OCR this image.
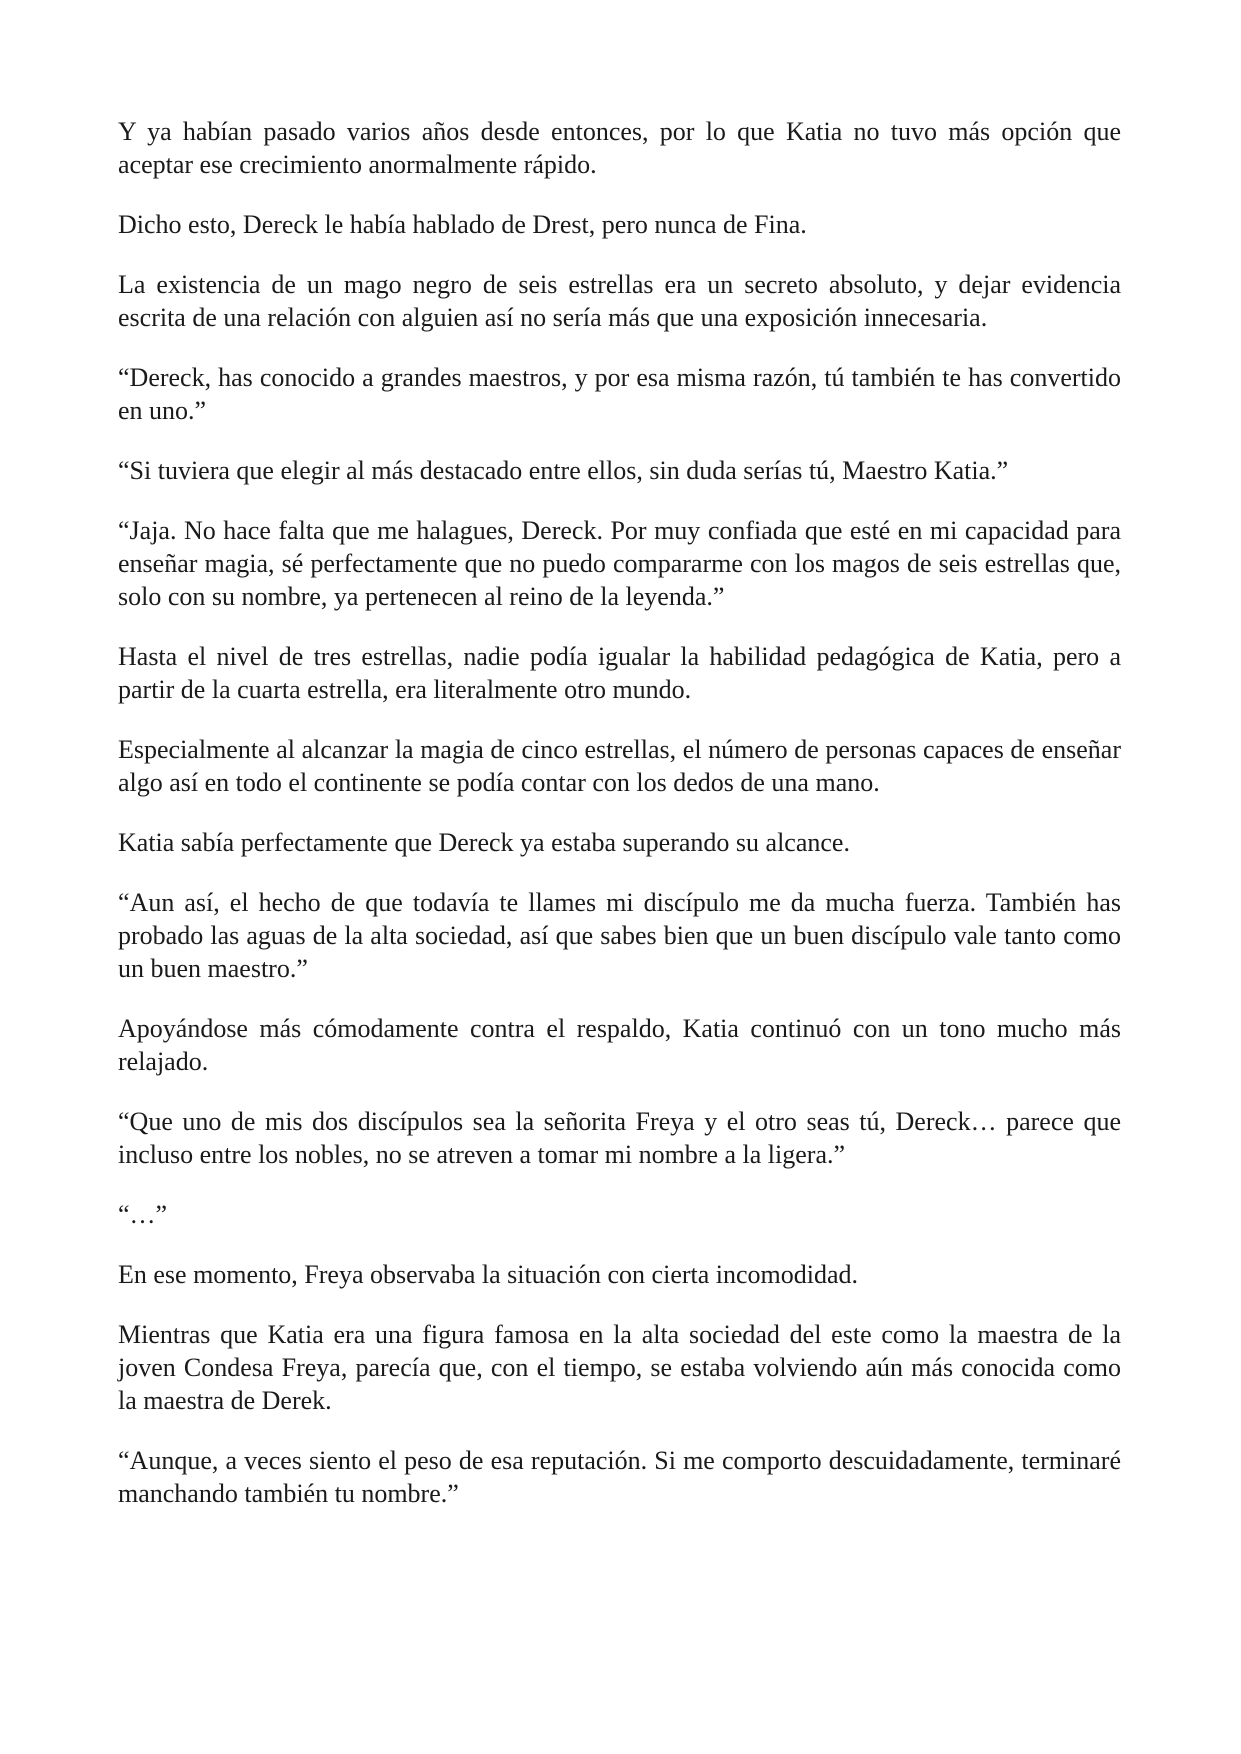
Y ya habían pasado varios años desde entonces, por lo que Katia no tuvo más opción que aceptar ese crecimiento anormalmente rápido.

Dicho esto, Dereck le había hablado de Drest, pero nunca de Fina.

La existencia de un mago negro de seis estrellas era un secreto absoluto, y dejar evidencia escrita de una relación con alguien así no sería más que una exposición innecesaria.

“Dereck, has conocido a grandes maestros, y por esa misma razón, tú también te has convertido en uno.”

“Si tuviera que elegir al más destacado entre ellos, sin duda serías tú, Maestro Katia.”

“Jaja. No hace falta que me halagues, Dereck. Por muy confiada que esté en mi capacidad para enseñar magia, sé perfectamente que no puedo compararme con los magos de seis estrellas que, solo con su nombre, ya pertenecen al reino de la leyenda.”

Hasta el nivel de tres estrellas, nadie podía igualar la habilidad pedagógica de Katia, pero a partir de la cuarta estrella, era literalmente otro mundo.

Especialmente al alcanzar la magia de cinco estrellas, el número de personas capaces de enseñar algo así en todo el continente se podía contar con los dedos de una mano.

Katia sabía perfectamente que Dereck ya estaba superando su alcance.

“Aun así, el hecho de que todavía te llames mi discípulo me da mucha fuerza. También has probado las aguas de la alta sociedad, así que sabes bien que un buen discípulo vale tanto como un buen maestro.”

Apoyándose más cómodamente contra el respaldo, Katia continuó con un tono mucho más relajado.

“Que uno de mis dos discípulos sea la señorita Freya y el otro seas tú, Dereck… parece que incluso entre los nobles, no se atreven a tomar mi nombre a la ligera.”

“…”

En ese momento, Freya observaba la situación con cierta incomodidad.

Mientras que Katia era una figura famosa en la alta sociedad del este como la maestra de la joven Condesa Freya, parecía que, con el tiempo, se estaba volviendo aún más conocida como la maestra de Derek.

“Aunque, a veces siento el peso de esa reputación. Si me comporto descuidadamente, terminaré manchando también tu nombre.”
